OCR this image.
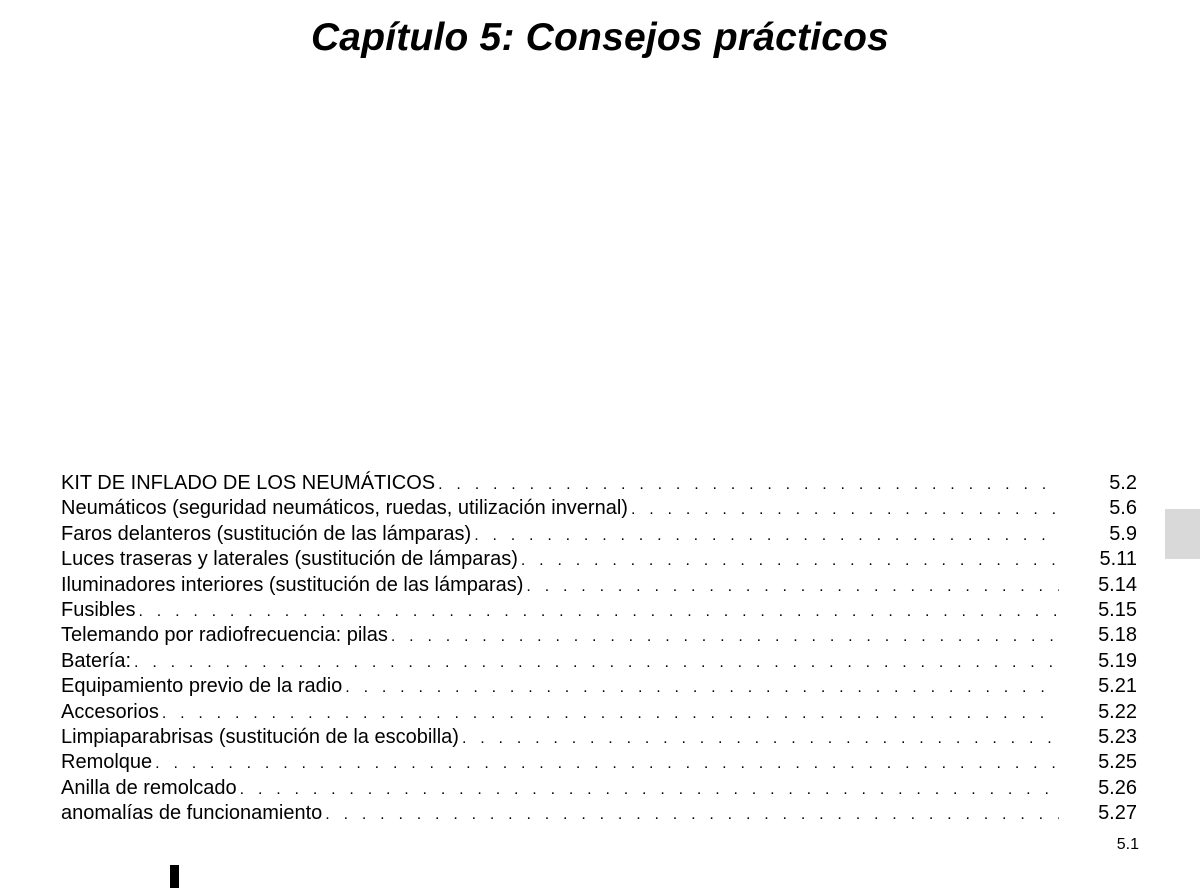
Capítulo 5: Consejos prácticos
KIT DE INFLADO DE LOS NEUMÁTICOS . . .	5.2
Neumáticos (seguridad neumáticos, ruedas, utilización invernal) . . .	5.6
Faros delanteros (sustitución de las lámparas) . . .	5.9
Luces traseras y laterales (sustitución de lámparas) . . .	5.11
Iluminadores interiores (sustitución de las lámparas) . . .	5.14
Fusibles . . .	5.15
Telemando por radiofrecuencia: pilas . . .	5.18
Batería: . . .	5.19
Equipamiento previo de la radio . . .	5.21
Accesorios . . .	5.22
Limpiaparabrisas (sustitución de la escobilla) . . .	5.23
Remolque . . .	5.25
Anilla de remolcado . . .	5.26
anomalías de funcionamiento . . .	5.27
5.1
